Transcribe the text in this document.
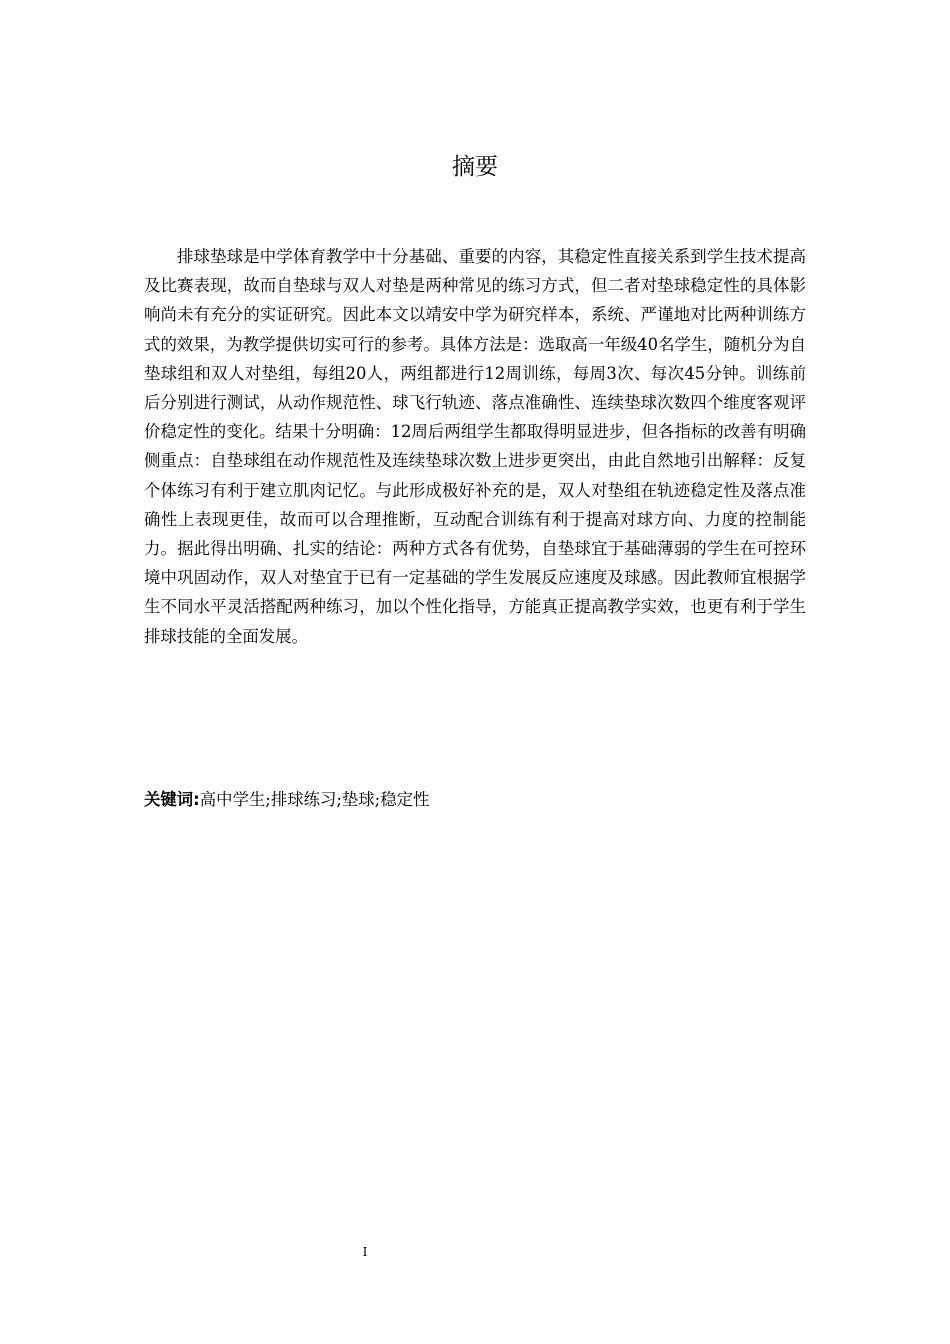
摘要

排球垫球是中学体育教学中十分基础、重要的内容，其稳定性直接关系到学生技术提高及比赛表现，故而自垫球与双人对垫是两种常见的练习方式，但二者对垫球稳定性的具体影响尚未有充分的实证研究。因此本文以靖安中学为研究样本，系统、严谨地对比两种训练方式的效果，为教学提供切实可行的参考。具体方法是：选取高一年级40名学生，随机分为自垫球组和双人对垫组，每组20人，两组都进行12周训练，每周3次、每次45分钟。训练前后分别进行测试，从动作规范性、球飞行轨迹、落点准确性、连续垫球次数四个维度客观评价稳定性的变化。结果十分明确：12周后两组学生都取得明显进步，但各指标的改善有明确侧重点：自垫球组在动作规范性及连续垫球次数上进步更突出，由此自然地引出解释：反复个体练习有利于建立肌肉记忆。与此形成极好补充的是，双人对垫组在轨迹稳定性及落点准确性上表现更佳，故而可以合理推断，互动配合训练有利于提高对球方向、力度的控制能力。据此得出明确、扎实的结论：两种方式各有优势，自垫球宜于基础薄弱的学生在可控环境中巩固动作，双人对垫宜于已有一定基础的学生发展反应速度及球感。因此教师宜根据学生不同水平灵活搭配两种练习，加以个性化指导，方能真正提高教学实效，也更有利于学生排球技能的全面发展。

关键词:高中学生;排球练习;垫球;稳定性
I
